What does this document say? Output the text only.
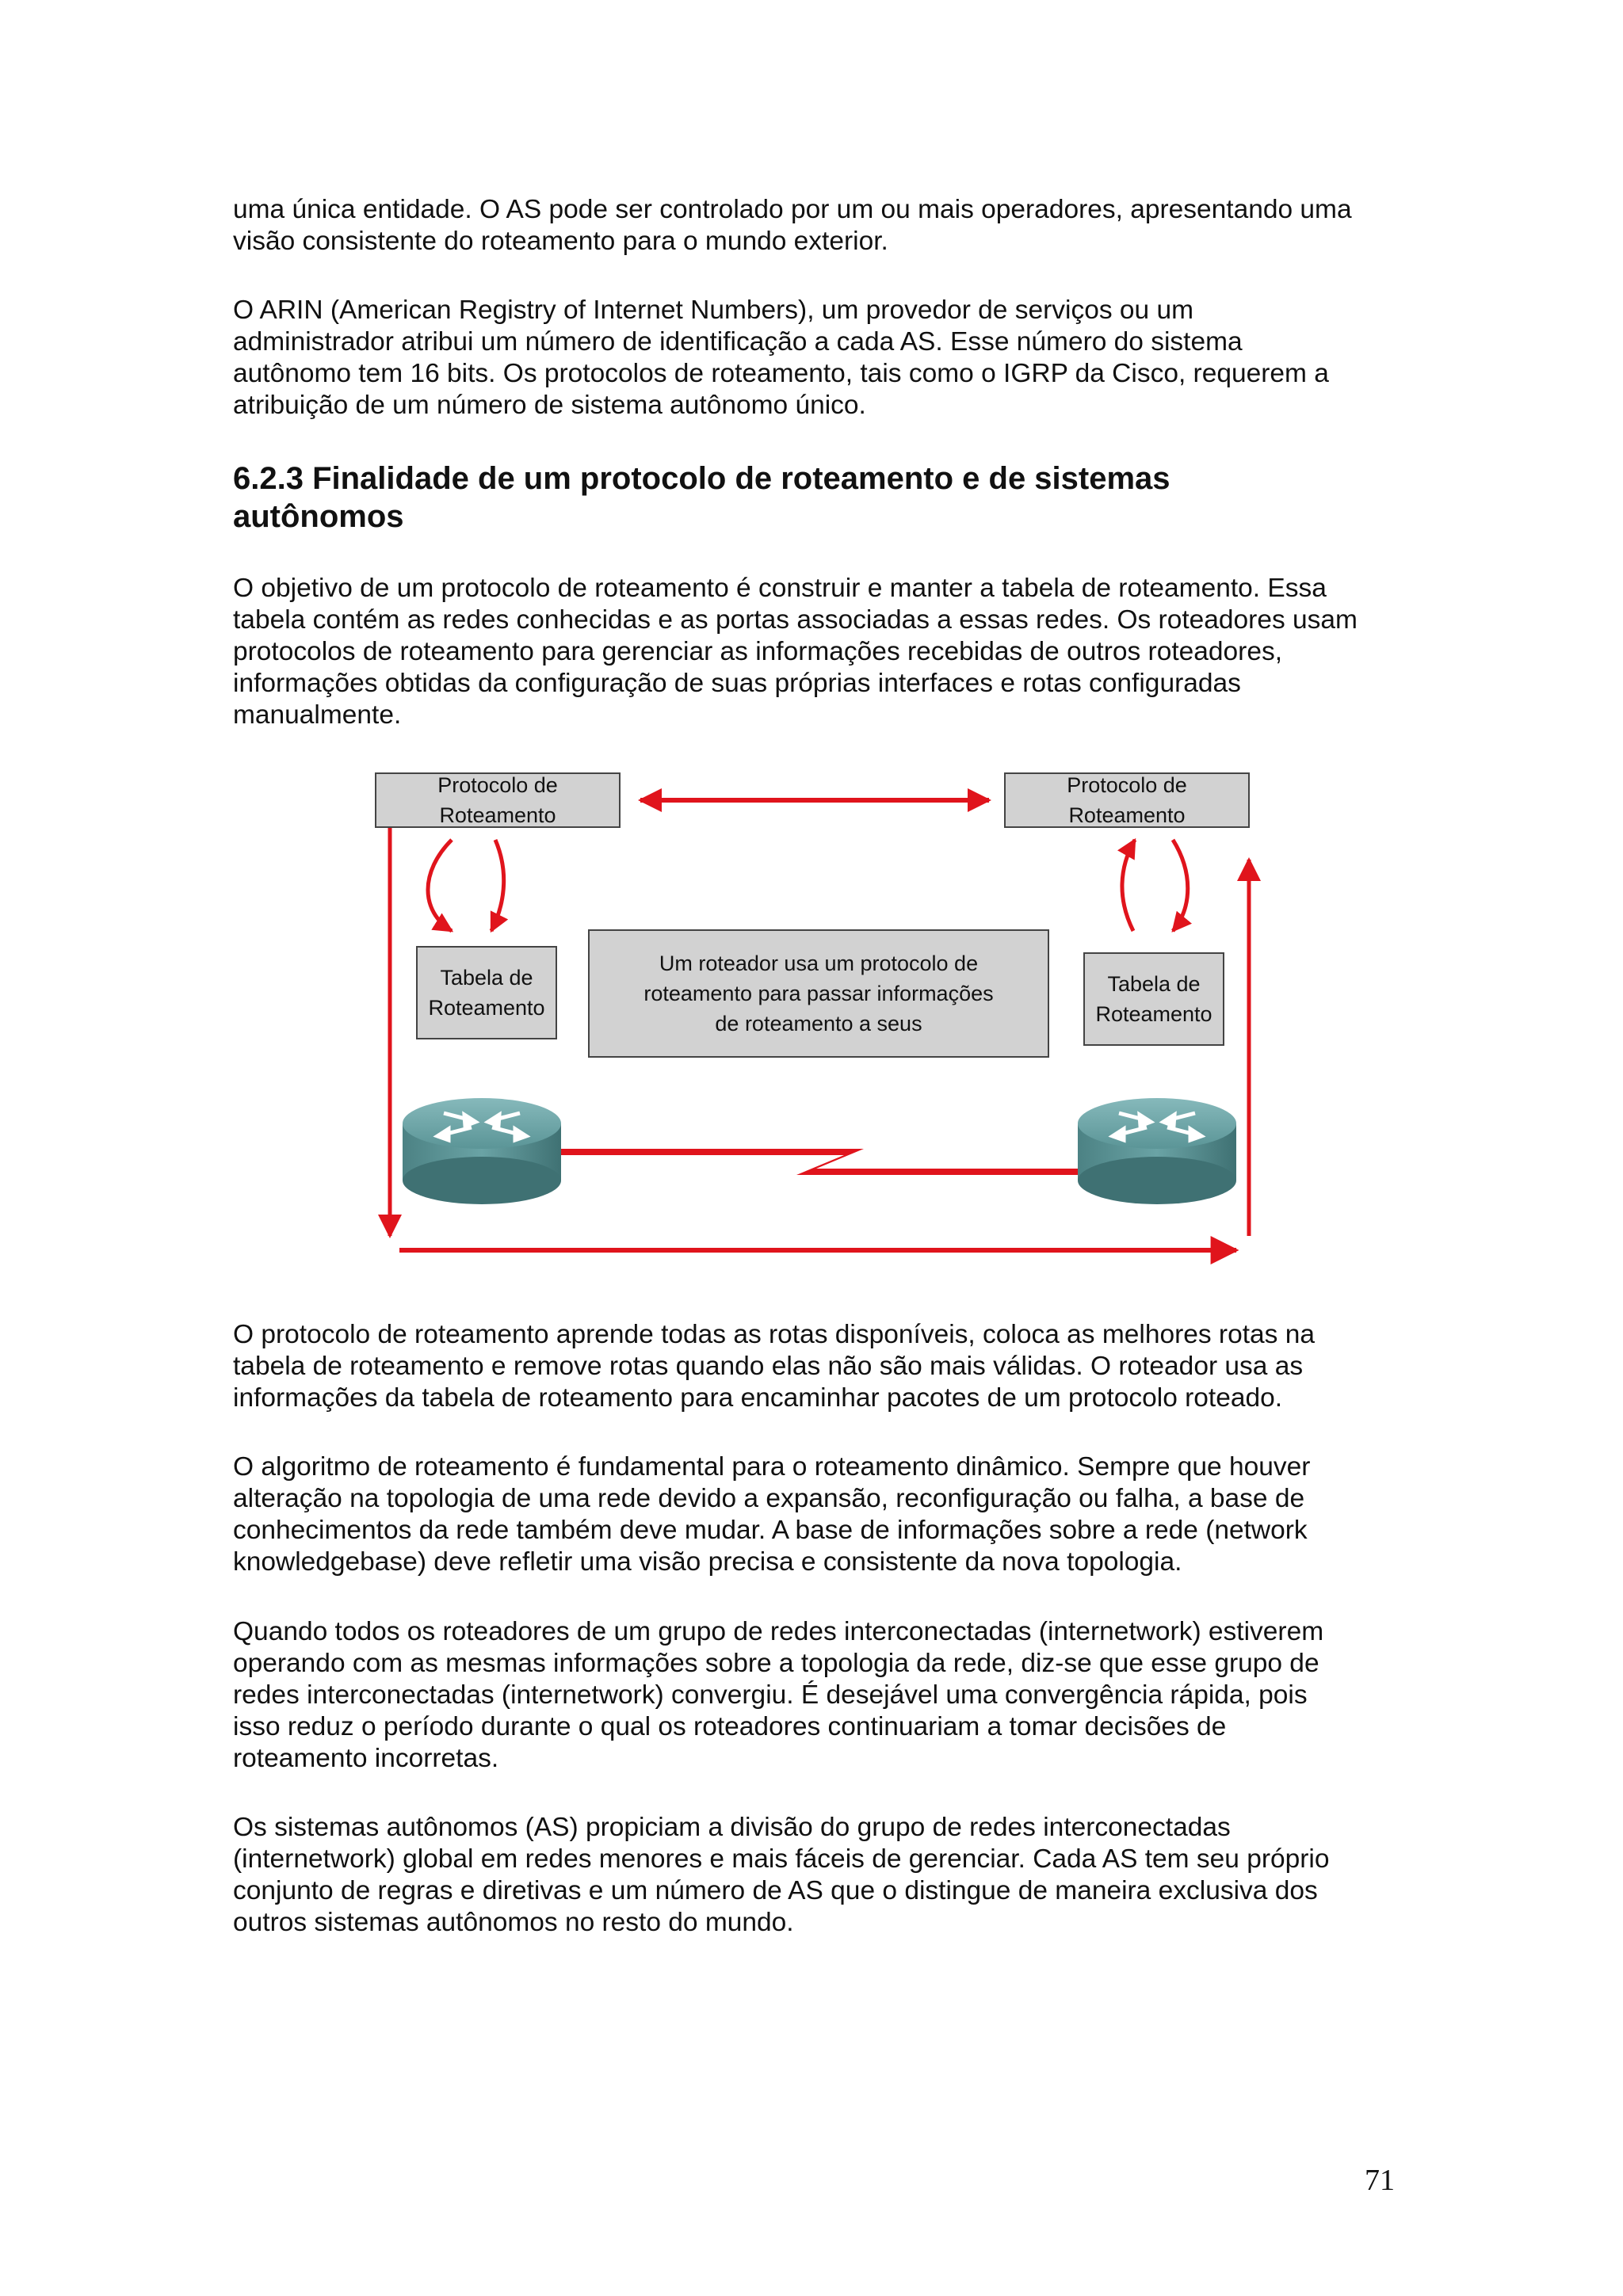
uma única entidade. O AS pode ser controlado por um ou mais operadores, apresentando uma
visão consistente do roteamento para o mundo exterior.

O ARIN (American Registry of Internet Numbers), um provedor de serviços ou um
administrador atribui um número de identificação a cada AS. Esse número do sistema
autônomo tem 16 bits. Os protocolos de roteamento, tais como o IGRP da Cisco, requerem a
atribuição de um número de sistema autônomo único.

6.2.3 Finalidade de um protocolo de roteamento e de sistemas
autônomos

O objetivo de um protocolo de roteamento é construir e manter a tabela de roteamento. Essa
tabela contém as redes conhecidas e as portas associadas a essas redes. Os roteadores usam
protocolos de roteamento para gerenciar as informações recebidas de outros roteadores,
informações obtidas da configuração de suas próprias interfaces e rotas configuradas
manualmente.

Protocolo de
Roteamento
Protocolo de
Roteamento
Tabela de
Roteamento
Tabela de
Roteamento
Um roteador usa um protocolo de
roteamento para passar informações
de roteamento a seus

O protocolo de roteamento aprende todas as rotas disponíveis, coloca as melhores rotas na
tabela de roteamento e remove rotas quando elas não são mais válidas. O roteador usa as
informações da tabela de roteamento para encaminhar pacotes de um protocolo roteado.

O algoritmo de roteamento é fundamental para o roteamento dinâmico. Sempre que houver
alteração na topologia de uma rede devido a expansão, reconfiguração ou falha, a base de
conhecimentos da rede também deve mudar. A base de informações sobre a rede (network
knowledgebase) deve refletir uma visão precisa e consistente da nova topologia.

Quando todos os roteadores de um grupo de redes interconectadas (internetwork) estiverem
operando com as mesmas informações sobre a topologia da rede, diz-se que esse grupo de
redes interconectadas (internetwork) convergiu. É desejável uma convergência rápida, pois
isso reduz o período durante o qual os roteadores continuariam a tomar decisões de
roteamento incorretas.

Os sistemas autônomos (AS) propiciam a divisão do grupo de redes interconectadas
(internetwork) global em redes menores e mais fáceis de gerenciar. Cada AS tem seu próprio
conjunto de regras e diretivas e um número de AS que o distingue de maneira exclusiva dos
outros sistemas autônomos no resto do mundo.

71
